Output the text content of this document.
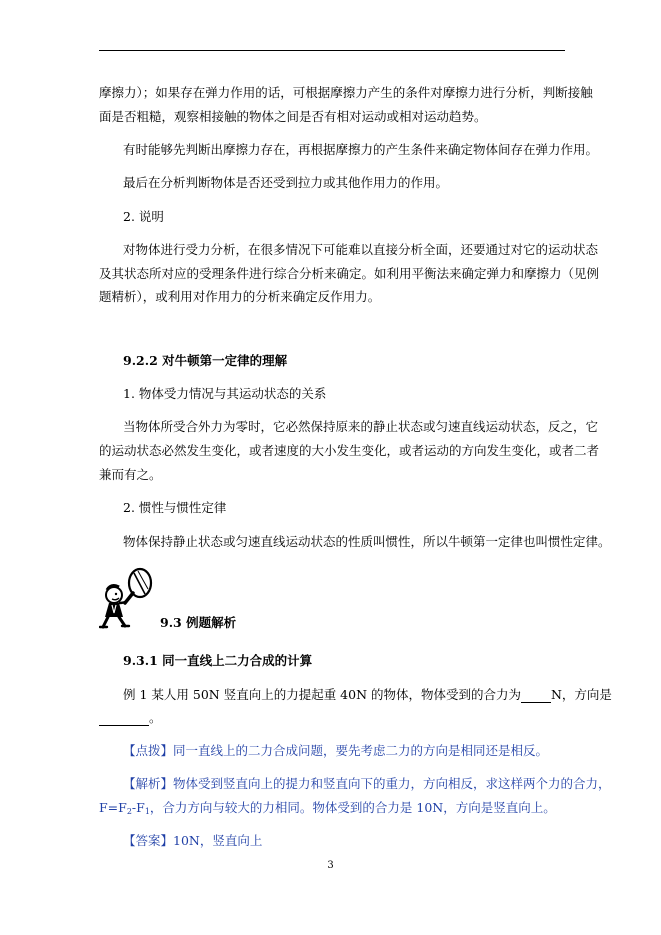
摩擦力）；如果存在弹力作用的话，可根据摩擦力产生的条件对摩擦力进行分析，判断接触
面是否粗糙，观察相接触的物体之间是否有相对运动或相对运动趋势。
有时能够先判断出摩擦力存在，再根据摩擦力的产生条件来确定物体间存在弹力作用。
最后在分析判断物体是否还受到拉力或其他作用力的作用。
2. 说明
对物体进行受力分析，在很多情况下可能难以直接分析全面，还要通过对它的运动状态
及其状态所对应的受理条件进行综合分析来确定。如利用平衡法来确定弹力和摩擦力（见例
题精析），或利用对作用力的分析来确定反作用力。
9.2.2 对牛顿第一定律的理解
1. 物体受力情况与其运动状态的关系
当物体所受合外力为零时，它必然保持原来的静止状态或匀速直线运动状态，反之，它
的运动状态必然发生变化，或者速度的大小发生变化，或者运动的方向发生变化，或者二者
兼而有之。
2. 惯性与惯性定律
物体保持静止状态或匀速直线运动状态的性质叫惯性，所以牛顿第一定律也叫惯性定律。
9.3 例题解析
9.3.1 同一直线上二力合成的计算
例 1 某人用 50N 竖直向上的力提起重 40N 的物体，物体受到的合力为 N，方向是
。
【点拨】同一直线上的二力合成问题，要先考虑二力的方向是相同还是相反。
【解析】物体受到竖直向上的提力和竖直向下的重力，方向相反，求这样两个力的合力，
$F=F_2-F_1$，合力方向与较大的力相同。物体受到的合力是 10N，方向是竖直向上。
【答案】10N，竖直向上
3
